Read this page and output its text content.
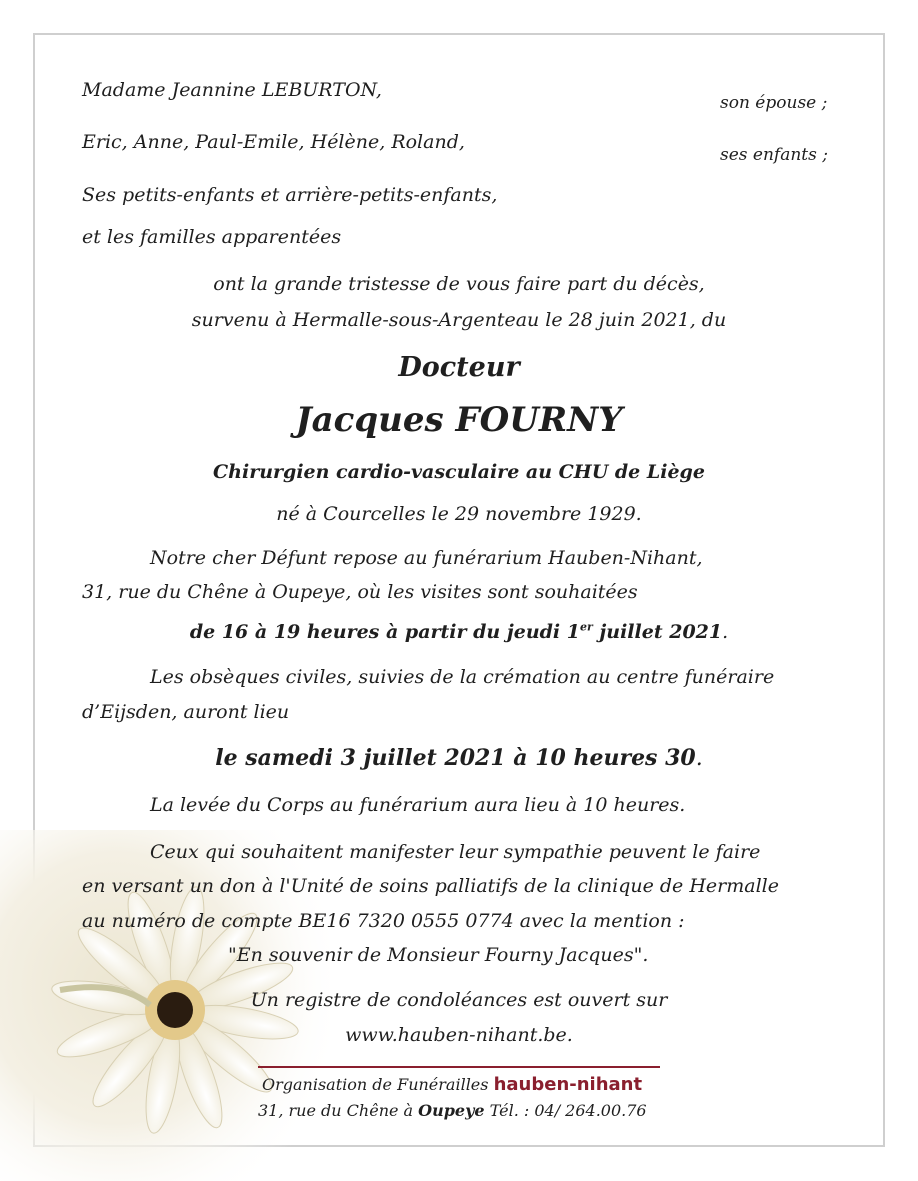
Madame Jeannine LEBURTON,
son épouse ;
Eric, Anne, Paul-Emile, Hélène, Roland,
ses enfants ;
Ses petits-enfants et arrière-petits-enfants,
et les familles apparentées
ont la grande tristesse de vous faire part du décès,
survenu à Hermalle-sous-Argenteau le 28 juin 2021, du
Docteur
Jacques FOURNY
Chirurgien cardio-vasculaire au CHU de Liège
né à Courcelles le 29 novembre 1929.
Notre cher Défunt repose au funérarium Hauben-Nihant,
31, rue du Chêne à Oupeye, où les visites sont souhaitées
de 16 à 19 heures à partir du jeudi 1er juillet 2021.
Les obsèques civiles, suivies de la crémation au centre funéraire
d’Eijsden, auront lieu
le samedi 3 juillet 2021 à 10 heures 30.
La levée du Corps au funérarium aura lieu à 10 heures.
Ceux qui souhaitent manifester leur sympathie peuvent le faire
en versant un don à l'Unité de soins palliatifs de la clinique de Hermalle
au numéro de compte BE16 7320 0555 0774 avec la mention :
"En souvenir de Monsieur Fourny Jacques".
Un registre de condoléances est ouvert sur
www.hauben-nihant.be.
Organisation de Funérailles hauben-nihant
31, rue du Chêne à Oupeye Tél. : 04/ 264.00.76
